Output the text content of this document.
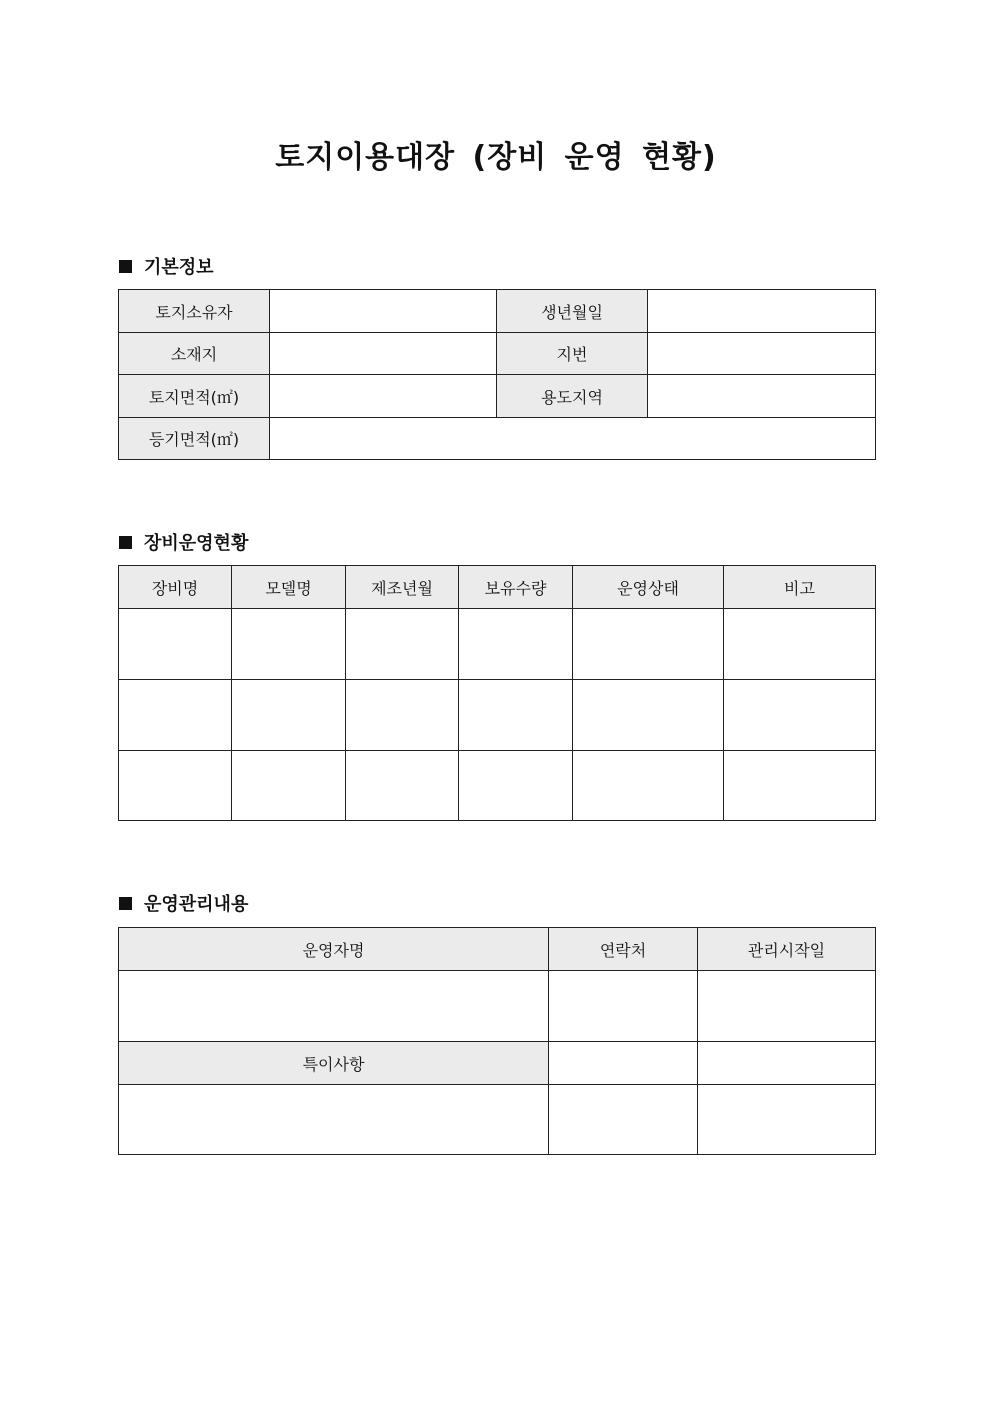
토지이용대장 (장비 운영 현황)
기본정보
토지소유자		생년월일	
소재지		지번	
토지면적(㎡)		용도지역	
등기면적(㎡)			
장비운영현황
장비명	모델명	제조년월	보유수량	운영상태	비고

운영관리내용
운영자명	연락처	관리시작일

특이사항		
